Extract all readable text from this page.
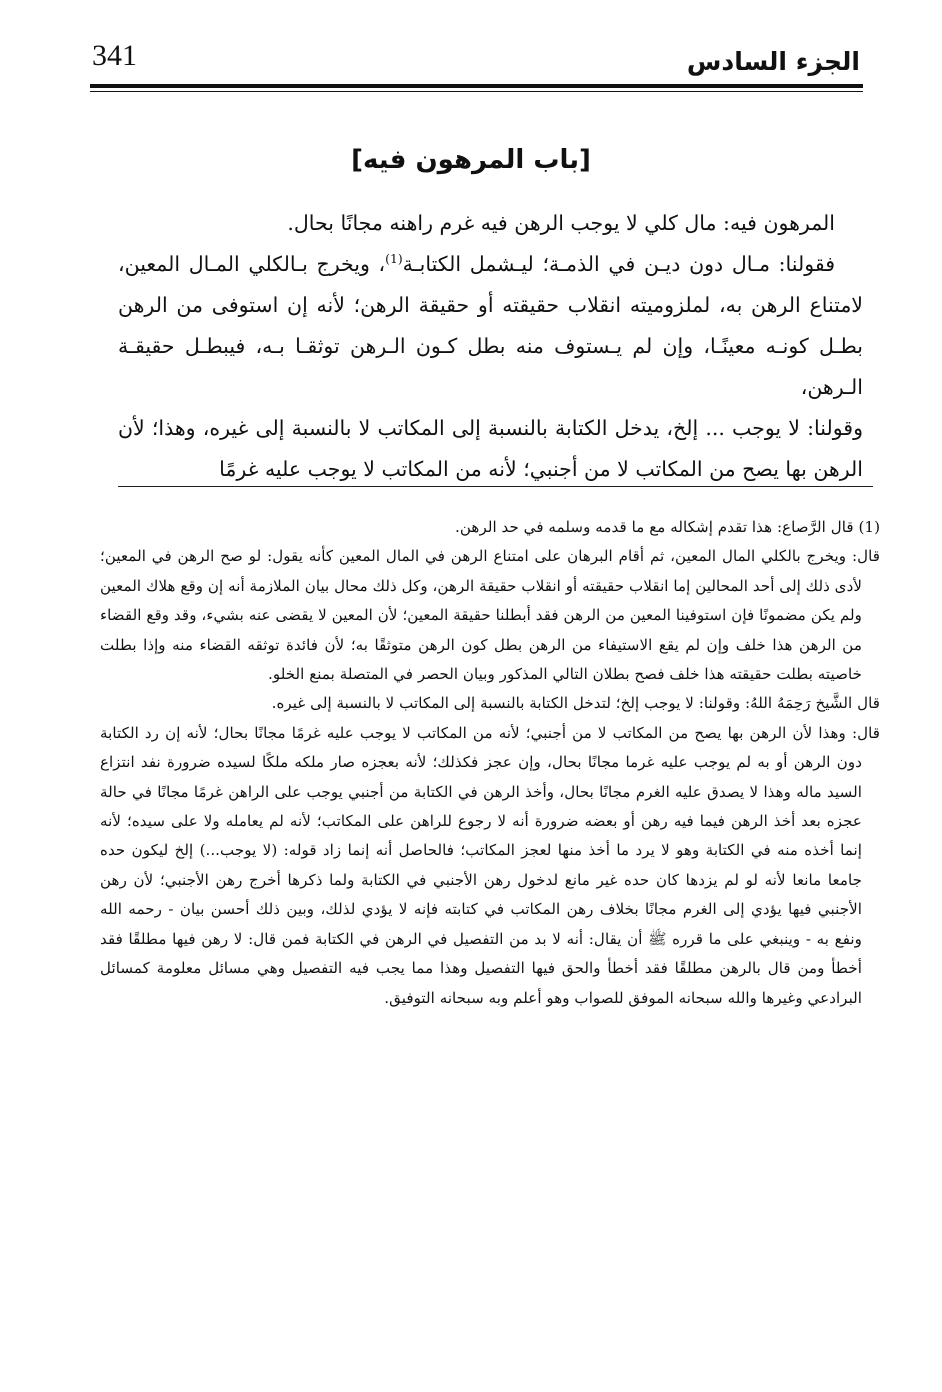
341	الجزء السادس
[باب المرهون فيه]

المرهون فيه: مال كلي لا يوجب الرهن فيه غرم راهنه مجانًا بحال.

فقولنا: مـال دون ديـن في الذمـة؛ ليـشمل الكتابـة$^{(1)}$، ويخرج بـالكلي المـال المعين، لامتناع الرهن به، لملزوميته انقلاب حقيقته أو حقيقة الرهن؛ لأنه إن استوفى من الرهن بطـل كونـه معينًـا، وإن لم يـستوف منه بطل كـون الـرهن توثقـا بـه، فيبطـل حقيقـة الـرهن،

وقولنا: لا يوجب ... إلخ، يدخل الكتابة بالنسبة إلى المكاتب لا بالنسبة إلى غيره، وهذا؛ لأن الرهن بها يصح من المكاتب لا من أجنبي؛ لأنه من المكاتب لا يوجب عليه غرمًا

(1) قال الرَّصاع: هذا تقدم إشكاله مع ما قدمه وسلمه في حد الرهن.

قال: ويخرج بالكلي المال المعين، ثم أقام البرهان على امتناع الرهن في المال المعين كأنه يقول: لو صح الرهن في المعين؛ لأدى ذلك إلى أحد المحالين إما انقلاب حقيقته أو انقلاب حقيقة الرهن، وكل ذلك محال بيان الملازمة أنه إن وقع هلاك المعين ولم يكن مضمونًا فإن استوفينا المعين من الرهن فقد أبطلنا حقيقة المعين؛ لأن المعين لا يقضى عنه بشيء، وقد وقع القضاء من الرهن هذا خلف وإن لم يقع الاستيفاء من الرهن بطل كون الرهن متوثقًا به؛ لأن فائدة توثقه القضاء منه وإذا بطلت خاصيته بطلت حقيقته هذا خلف فصح بطلان التالي المذكور وبيان الحصر في المتصلة بمنع الخلو.

قال الشَّيخ رَحِمَهُ اللهُ: وقولنا: لا يوجب إلخ؛ لتدخل الكتابة بالنسبة إلى المكاتب لا بالنسبة إلى غيره.

قال: وهذا لأن الرهن بها يصح من المكاتب لا من أجنبي؛ لأنه من المكاتب لا يوجب عليه غرمًا مجانًا بحال؛ لأنه إن رد الكتابة دون الرهن أو به لم يوجب عليه غرما مجانًا بحال، وإن عجز فكذلك؛ لأنه بعجزه صار ملكه ملكًا لسيده ضرورة نفد انتزاع السيد ماله وهذا لا يصدق عليه الغرم مجانًا بحال، وأخذ الرهن في الكتابة من أجنبي يوجب على الراهن غرمًا مجانًا في حالة عجزه بعد أخذ الرهن فيما فيه رهن أو بعضه ضرورة أنه لا رجوع للراهن على المكاتب؛ لأنه لم يعامله ولا على سيده؛ لأنه إنما أخذه منه في الكتابة وهو لا يرد ما أخذ منها لعجز المكاتب؛ فالحاصل أنه إنما زاد قوله: (لا يوجب...) إلخ ليكون حده جامعا مانعا لأنه لو لم يزدها كان حده غير مانع لدخول رهن الأجنبي في الكتابة ولما ذكرها أخرج رهن الأجنبي؛ لأن رهن الأجنبي فيها يؤدي إلى الغرم مجانًا بخلاف رهن المكاتب في كتابته فإنه لا يؤدي لذلك، وبين ذلك أحسن بيان - رحمه الله ونفع به - وينبغي على ما قرره ﷺ أن يقال: أنه لا بد من التفصيل في الرهن في الكتابة فمن قال: لا رهن فيها مطلقًا فقد أخطأ ومن قال بالرهن مطلقًا فقد أخطأ والحق فيها التفصيل وهذا مما يجب فيه التفصيل وهي مسائل معلومة كمسائل البرادعي وغيرها والله سبحانه الموفق للصواب وهو أعلم وبه سبحانه التوفيق.
